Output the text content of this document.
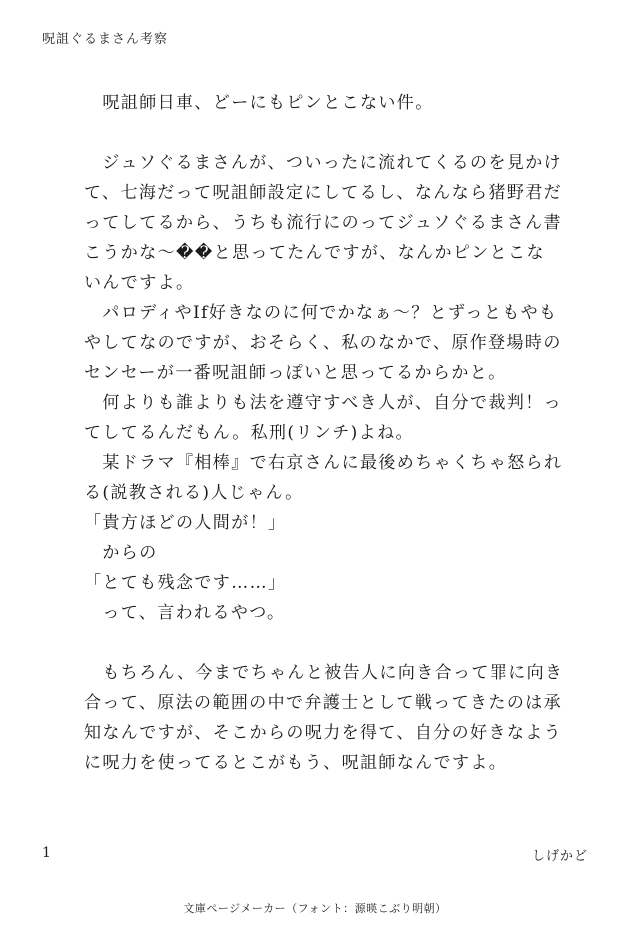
呪詛ぐるまさん考察
　呪詛師日車、どーにもピンとこない件。
　ジュソぐるまさんが、ついったに流れてくるのを見かけ
て、七海だって呪詛師設定にしてるし、なんなら猪野君だ
ってしてるから、うちも流行にのってジュソぐるまさん書
こうかな〜��と思ってたんですが、なんかピンとこな
いんですよ。
　パロディやIf好きなのに何でかなぁ〜？とずっともやも
やしてなのですが、おそらく、私のなかで、原作登場時の
センセーが一番呪詛師っぽいと思ってるからかと。
　何よりも誰よりも法を遵守すべき人が、自分で裁判！っ
てしてるんだもん。私刑(リンチ)よね。
　某ドラマ『相棒』で右京さんに最後めちゃくちゃ怒られ
る(説教される)人じゃん。
「貴方ほどの人間が！」
　からの
「とても残念です……」
　って、言われるやつ。
　もちろん、今までちゃんと被告人に向き合って罪に向き
合って、原法の範囲の中で弁護士として戦ってきたのは承
知なんですが、そこからの呪力を得て、自分の好きなよう
に呪力を使ってるとこがもう、呪詛師なんですよ。
1	しげかど
文庫ページメーカー（フォント：源暎こぶり明朝）
